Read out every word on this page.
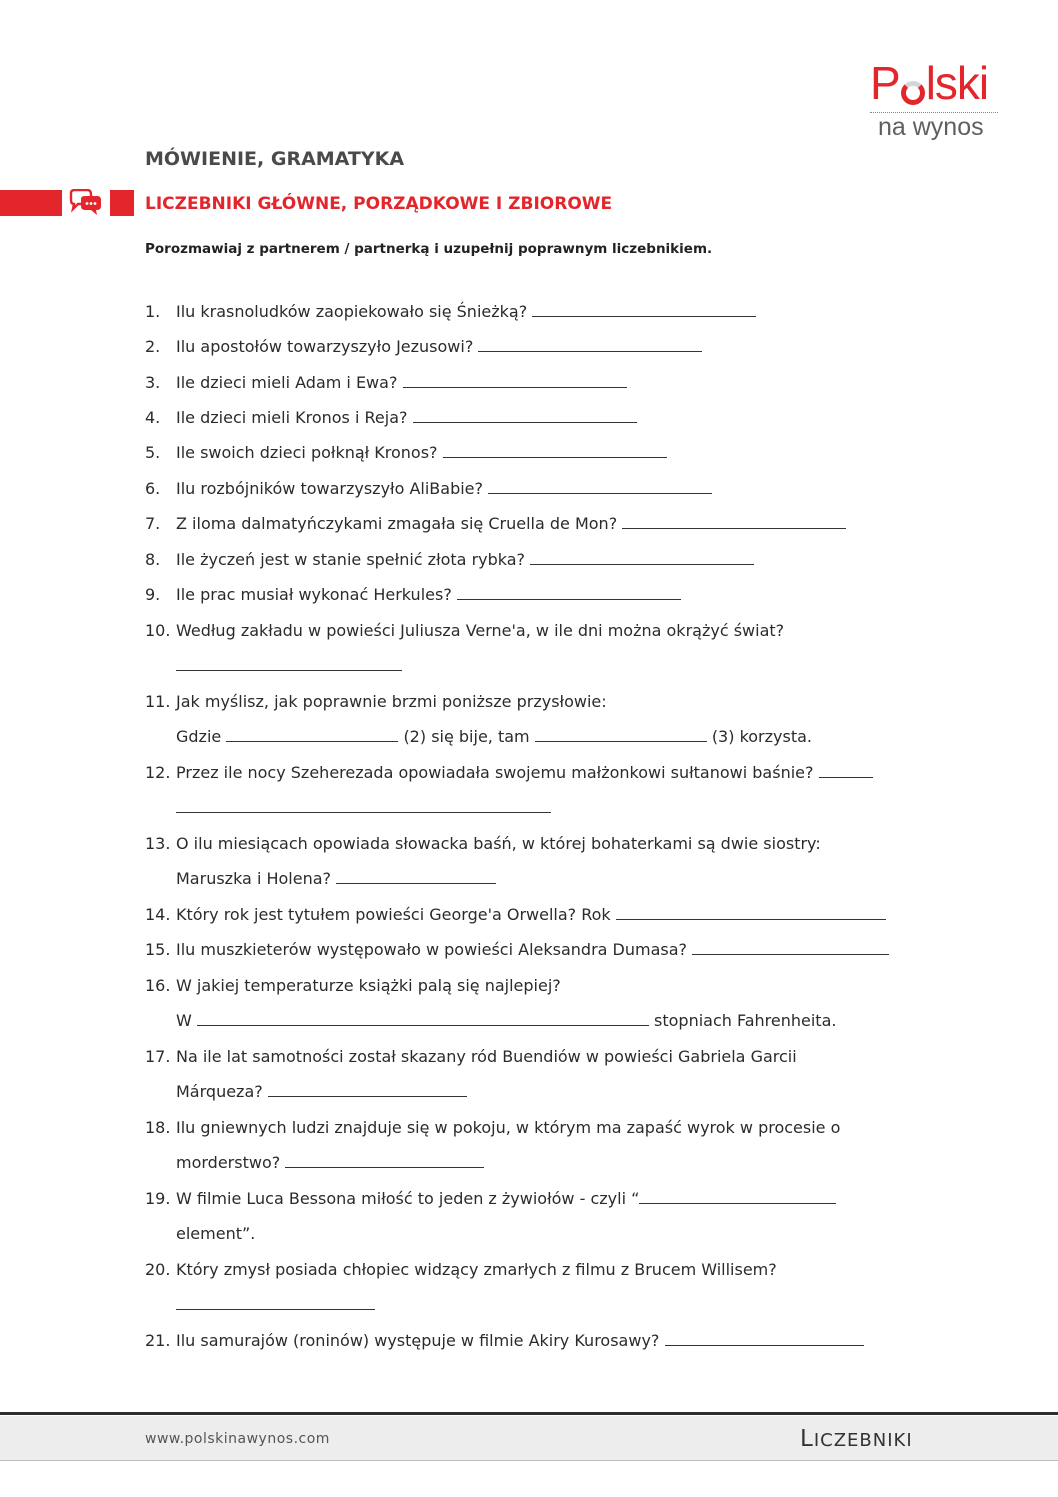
P lski
na wynos
MÓWIENIE, GRAMATYKA
LICZEBNIKI GŁÓWNE, PORZĄDKOWE I ZBIOROWE
Porozmawiaj z partnerem / partnerką i uzupełnij poprawnym liczebnikiem.
1. Ilu krasnoludków zaopiekowało się Śnieżką?
2. Ilu apostołów towarzyszyło Jezusowi?
3. Ile dzieci mieli Adam i Ewa?
4. Ile dzieci mieli Kronos i Reja?
5. Ile swoich dzieci połknął Kronos?
6. Ilu rozbójników towarzyszyło AliBabie?
7. Z iloma dalmatyńczykami zmagała się Cruella de Mon?
8. Ile życzeń jest w stanie spełnić złota rybka?
9. Ile prac musiał wykonać Herkules?
10. Według zakładu w powieści Juliusza Verne'a, w ile dni można okrążyć świat?
11. Jak myślisz, jak poprawnie brzmi poniższe przysłowie:
Gdzie	(2) się bije, tam	(3) korzysta.
12. Przez ile nocy Szeherezada opowiadała swojemu małżonkowi sułtanowi baśnie?
13. O ilu miesiącach opowiada słowacka baśń, w której bohaterkami są dwie siostry:
Maruszka i Holena?
14. Który rok jest tytułem powieści George'a Orwella? Rok
15. Ilu muszkieterów występowało w powieści Aleksandra Dumasa?
16. W jakiej temperaturze książki palą się najlepiej?
W	stopniach Fahrenheita.
17. Na ile lat samotności został skazany ród Buendiów w powieści Gabriela Garcii
Márqueza?
18. Ilu gniewnych ludzi znajduje się w pokoju, w którym ma zapaść wyrok w procesie o
morderstwo?
19. W filmie Luca Bessona miłość to jeden z żywiołów - czyli “
element”.
20. Który zmysł posiada chłopiec widzący zmarłych z filmu z Brucem Willisem?
21. Ilu samurajów (roninów) występuje w filmie Akiry Kurosawy?
www.polskinawynos.com	LICZEBNIKI
